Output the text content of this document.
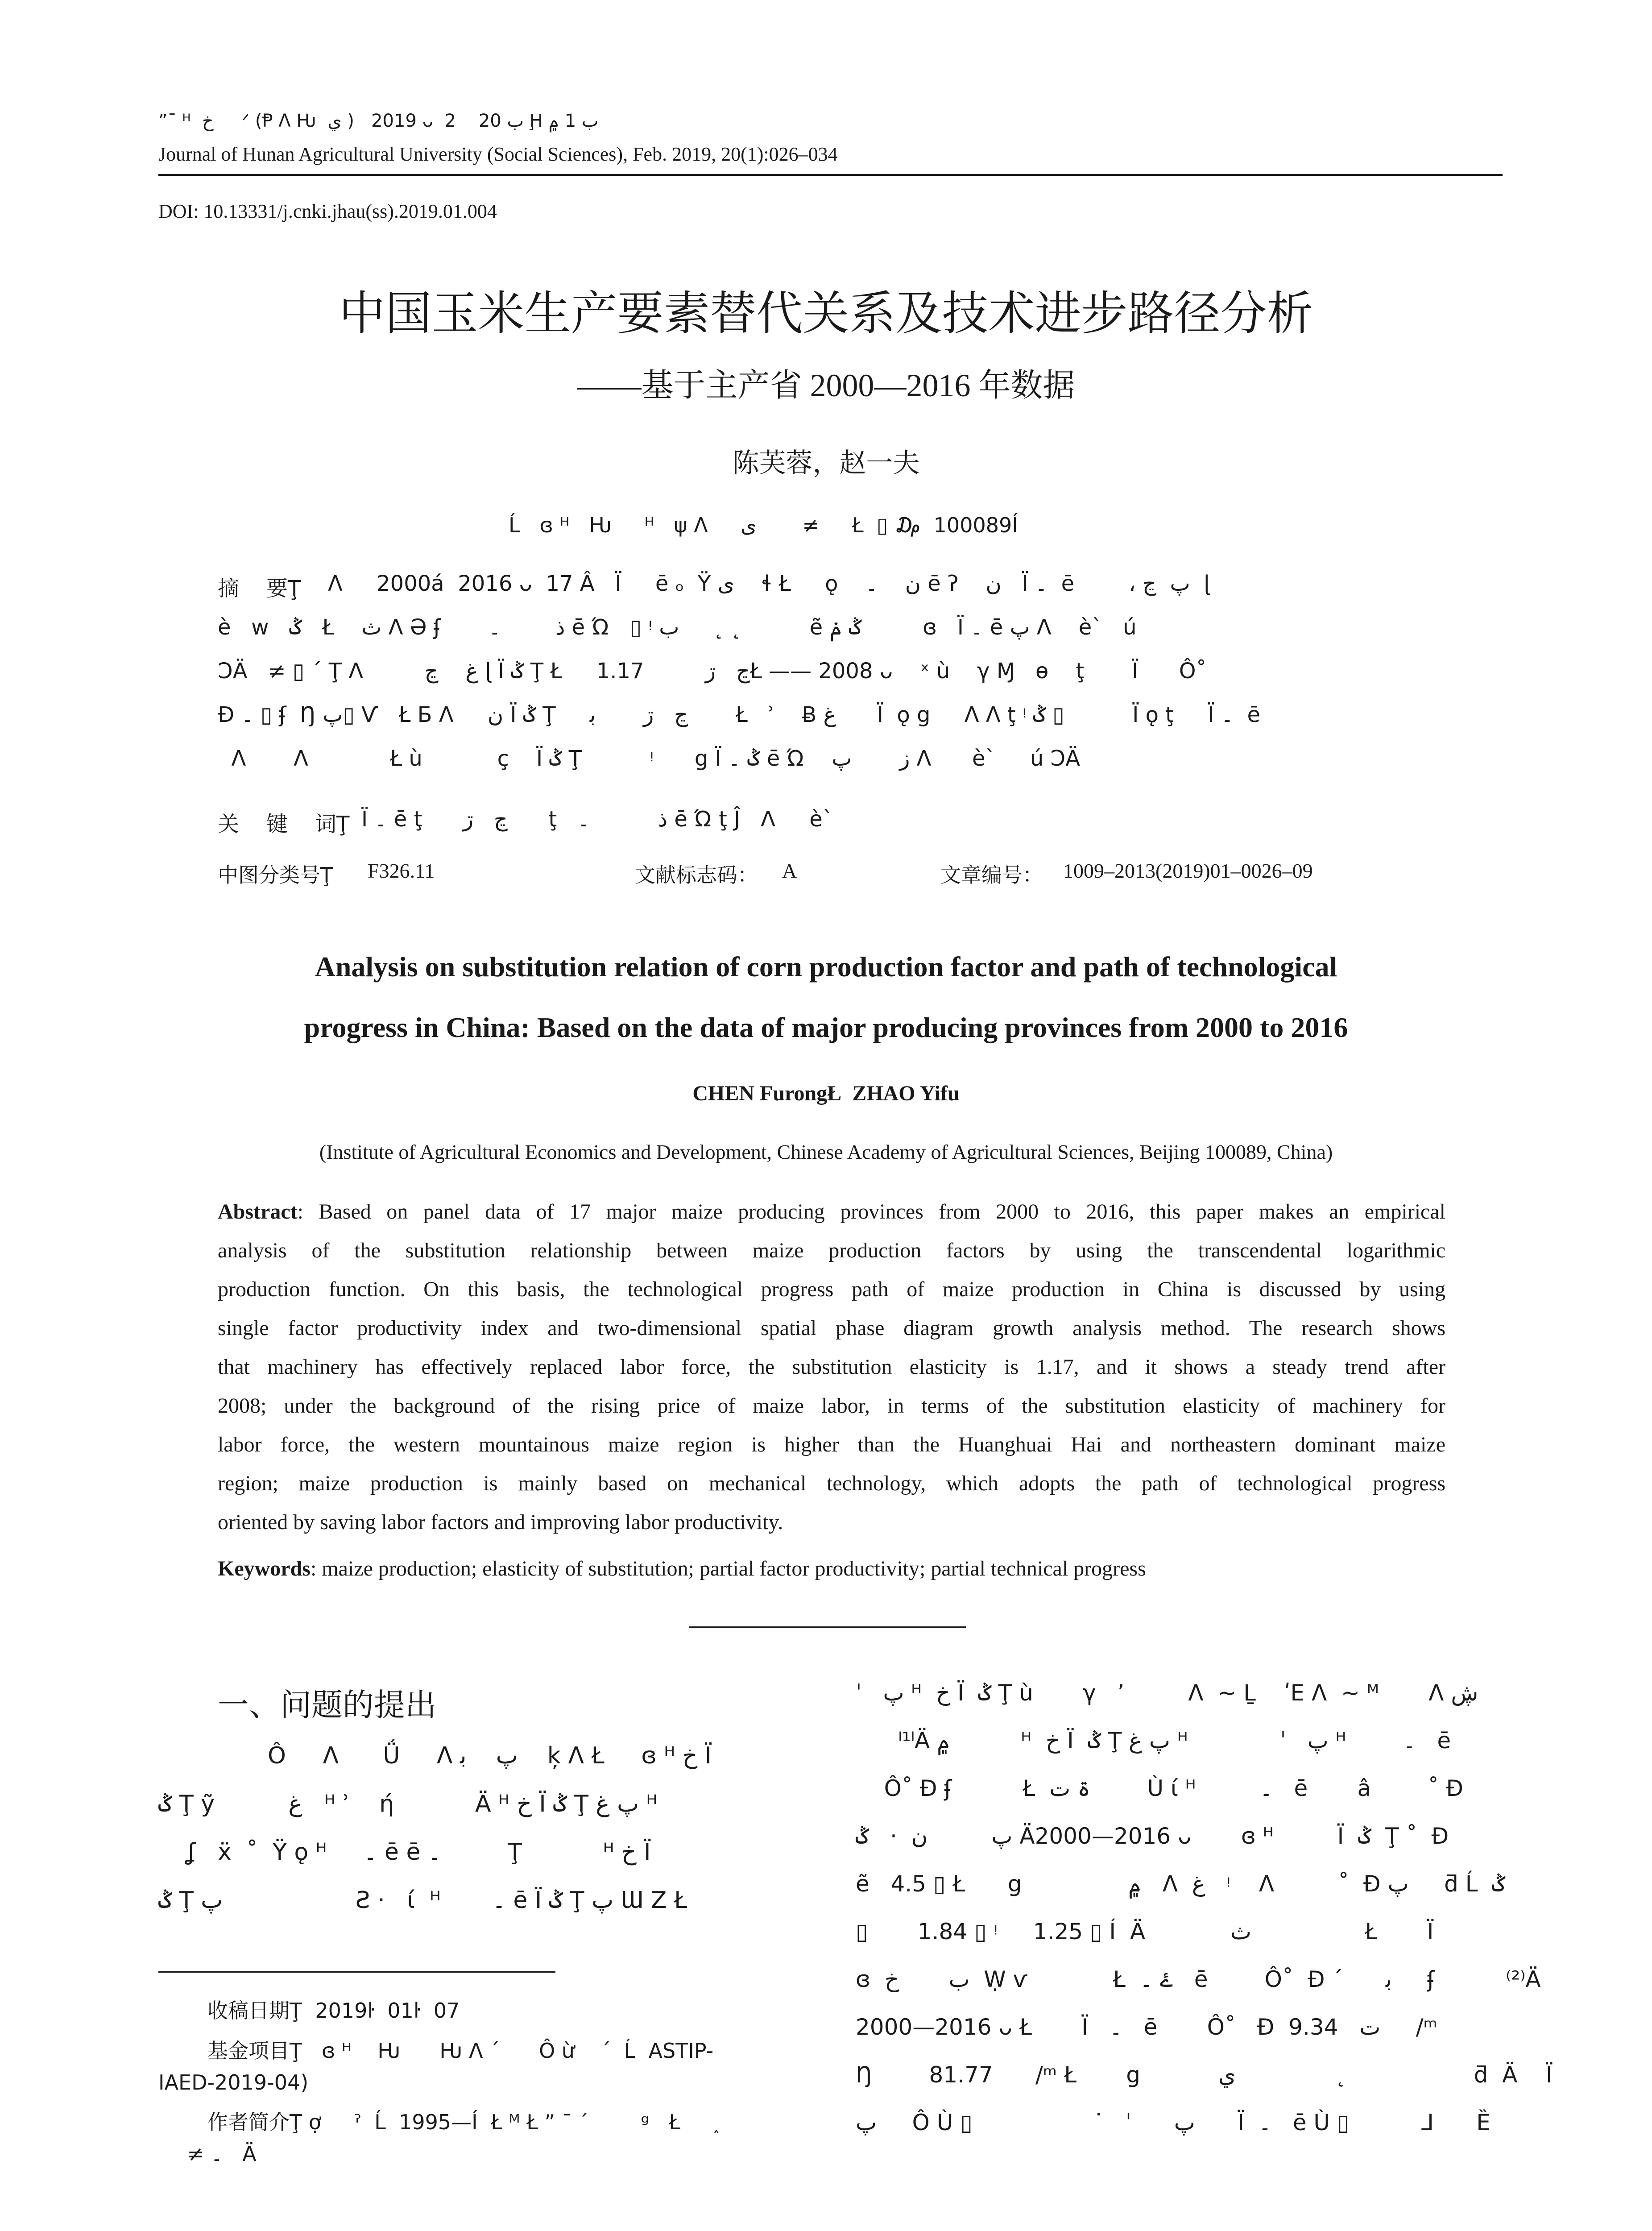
”¯ ᴴ  ﺥ     ᐟ (Ᵽ ᐱ Ƕ  ي )   2019 ᴗ  2    ب 20 Ḩ ب 1 ۾
Journal of Hunan Agricultural University (Social Sciences), Feb. 2019, 20(1):026–034
DOI: 10.13331/j.cnki.jhau(ss).2019.01.004
中国玉米生产要素替代关系及技术进步路径分析
——基于主产省 2000—2016 年数据
陈芙蓉，赵一夫
Ĺ   ɞ ᴴ   Ƕ     ᴴ   ψ ᐱ     ى       ≠     Ł  ▯ ₯  100089Í
摘    要Ţ ᐱ     2000á  2016 ᴗ  17 Â   Ï     ē ₒ  Ÿ ى    ɬ Ł     ǫ    ن    ۔ ē ʔ    ن   Ï ۔  ē        ، پ  ڃ  ɭ
è   ᴡ   ݣ   Ł    ث ᐱ Ə ʄ       ذ        ۔ ē Ώ   ▯ ᵎ ب     ˛ ˛          ẽ ݣ ݥ         ɞ   Ï ۔ ē پ ᐱ    è`   ú
ƆÄ   ≠ ▯ ´ Ţ ᐱ         ﻍ    ڃ ɭ Ï ݣ Ţ Ł     ڃ   ڗ         1.17Ł —— 2008 ᴗ    ˣ ù    γ Ɱ   ɵ    ţ       Ï      Ô˚
Ɖ ۔ ▯ ʄ  Ŋ پ▯ Ѵ   Ł Ƃ ᐱ     ن Ï ݣ Ţ     ڃ   ڗ       ﺑ       Ł   ʾ    Ƀ ﻍ      Ï  ǫ g     ᐱ ᐱ ţ ᵎ ݣ ▯          Ï ǫ ţ     Ï ۔  ē
ᐱ       ᐱ            Ł ù           ç    Ï ݣ Ţ          ᵎ      g Ï ݣ ۔ ē Ώ    ز       پ ᐱ      è`     ú ƆÄ
关    键    词Ţ Ï ۔ ē ţ      ڃ   ڗ      ţ   ذ          ۔ ē Ώ ţ Ĵ   ᐱ     è`
中图分类号Ţ F326.11	文献标志码： A	文章编号： 1009–2013(2019)01–0026–09
Analysis on substitution relation of corn production factor and path of technological
progress in China: Based on the data of major producing provinces from 2000 to 2016
CHEN FurongŁ  ZHAO Yifu
(Institute of Agricultural Economics and Development, Chinese Academy of Agricultural Sciences, Beijing 100089, China)
Abstract: Based on panel data of 17 major maize producing provinces from 2000 to 2016, this paper makes an empirical
analysis of the substitution relationship between maize production factors by using the transcendental logarithmic
production function. On this basis, the technological progress path of maize production in China is discussed by using
single factor productivity index and two-dimensional spatial phase diagram growth analysis method. The research shows
that machinery has effectively replaced labor force, the substitution elasticity is 1.17, and it shows a steady trend after
2008; under the background of the rising price of maize labor, in terms of the substitution elasticity of machinery for
labor force, the western mountainous maize region is higher than the Huanghuai Hai and northeastern dominant maize
region; maize production is mainly based on mechanical technology, which adopts the path of technological progress
oriented by saving labor factors and improving labor productivity.
Keywords: maize production; elasticity of substitution; partial factor productivity; partial technical progress
一、问题的提出
Ô     ᐱ      Ǘ     ᐱ پ    ﺑ    ķ ᐱ Ł     ɞ ᴴ ﺥ Ï
ݣ Ţ ỹ          ﻍ   ᴴ ʾ    ή           Ä ᴴ ﺥ Ï ݣ Ţ پ ﻍ ᴴ
ʆ   ẍ  ˚  Ÿ ǫ ᴴ     ۔ ē ē ۔         Ţ           ᴴ ﺥ Ï
ݣ Ţ پ                  Ƨ ·   ί  ᴴ       ۔ ē Ï ݣ Ţ پ Ɯ Ζ Ł
收稿日期Ţ  2019ŀ  01ŀ  07
基金项目Ţ   ɞ ᴴ    Ƕ      Ƕ ᐱ ˊ      Ô ừ    ˊ  Ĺ  ASTIP-
IAED-2019-04)
作者简介Ţ ợ     ˀ  Ĺ  1995—Í  Ł ᴹ Ł ” ¯ ˊ        ᵍ   Ł     ˰
≠ ۔   Ä
ˈ   پ ᴴ  ﺥ Ï  ݣ Ţ ù       γ   ʼ         ᐱ  ~ Ḻ    ʹE ᐱ  ~ ᴹ       ᐱ ڜ
ˡ¹ˡÄ ۾          ᴴ  ﺥ Ï  ݣ Ţ پ ﻍ ᴴ             ˈ   پ ᴴ        ۔   ē
Ô˚ Ɖ ʄ          Ł  ۃ ت        Ù ί ᴴ         ۔   ē       â        ˚ Ɖ
پ         ن  ·   ݣ Ä2000—2016 ᴗ       ɞ ᴴ         Ï  ݣ  Ţ ˚  Ɖ
ẽ   4.5 ▯ Ł      g               ۾   ᐱ  ﻍ   ᵎ    ᐱ         ˚  Ɖ پ     ƌ Ĺ  ݣ
▯       1.84 ▯ ᵎ     1.25 ▯ Í  Ä            ث                Ł       Ï
ɞ  ب       ﺥ  Ẉ ѵ            Ł  ۓ ۔   ē        Ô˚  Ɖ ˊ      ﺑ     ʄ          ⁽²⁾Ä
2000—2016 ᴗ Ł       Ï   ۔   ē       Ô˚   Ɖ  ت   9.34     /ᵐ
Ŋ        81.77      /ᵐ Ł       g           ي              ˛                  ƌ  Ä    Ï
پ     Ô Ù ▯                 ˙   ˈ      پ      Ï  ۔   ē Ù ▯          ᒧ      Ȅ
